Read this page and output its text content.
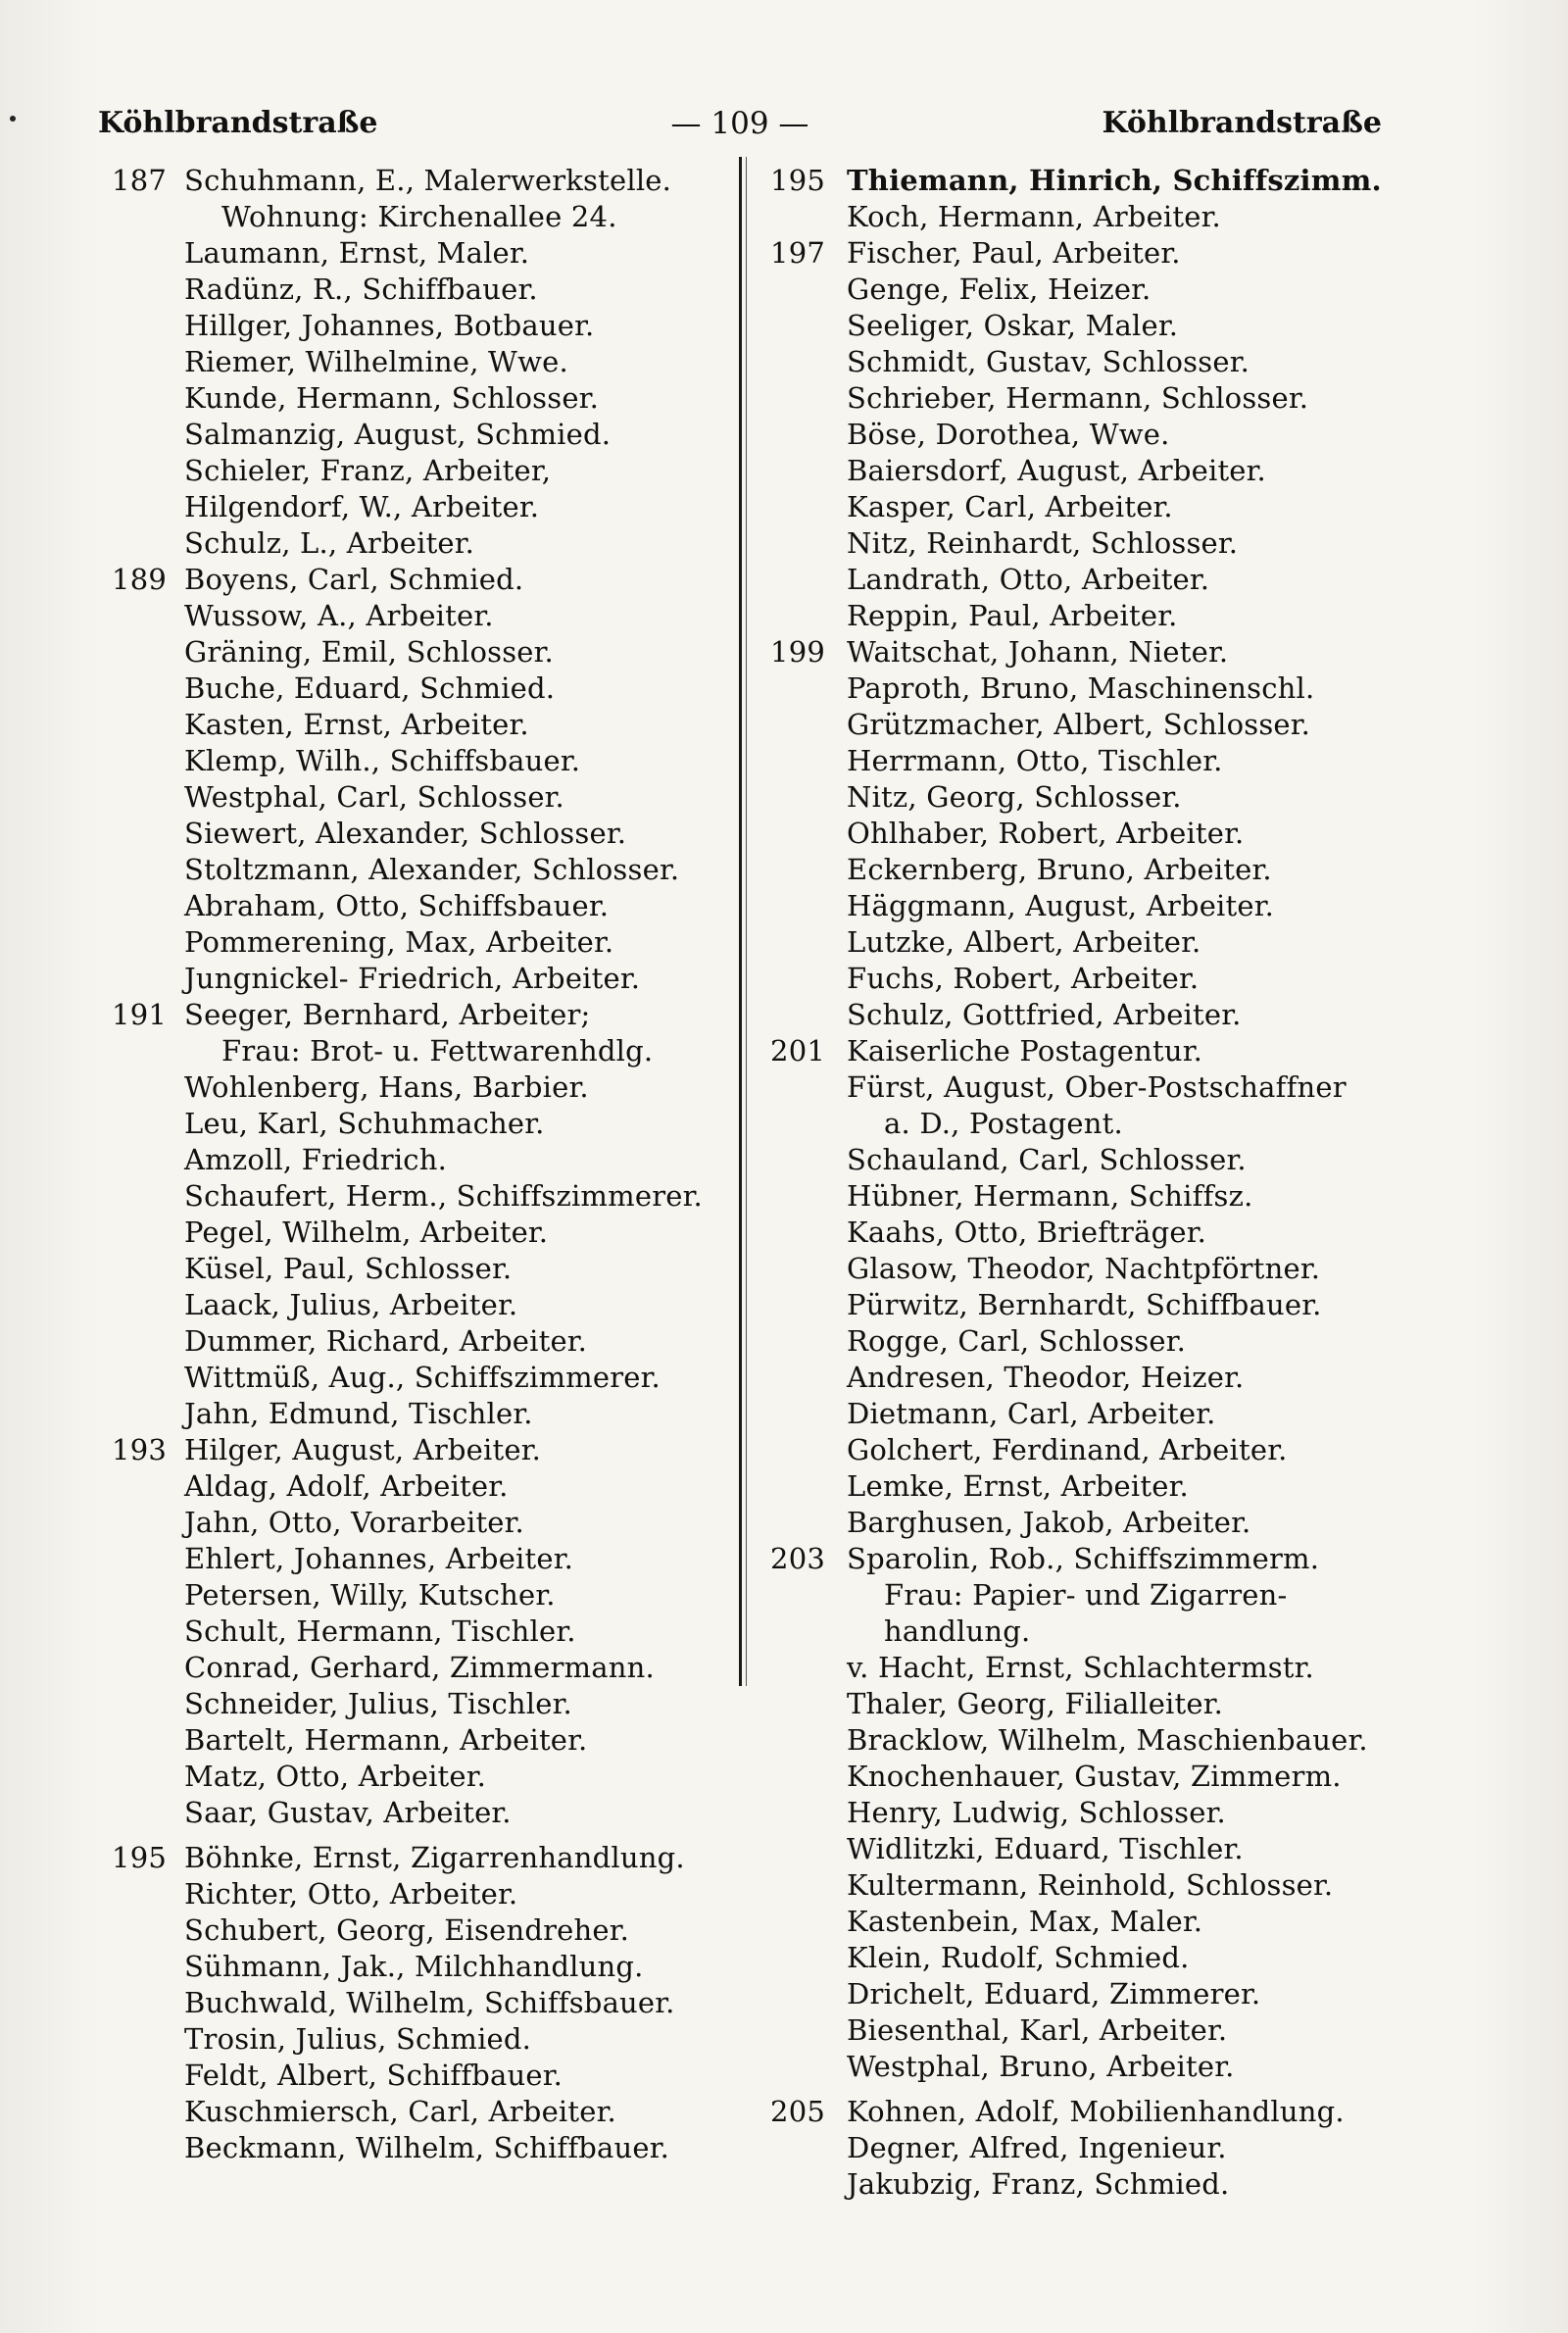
— 109 —
Köhlbrandstraße	Köhlbrandstraße
187 Schuhmann, E., Malerwerkstelle.
Wohnung: Kirchenallee 24.
Laumann, Ernst, Maler.
Radünz, R., Schiffbauer.
Hillger, Johannes, Botbauer.
Riemer, Wilhelmine, Wwe.
Kunde, Hermann, Schlosser.
Salmanzig, August, Schmied.
Schieler, Franz, Arbeiter,
Hilgendorf, W., Arbeiter.
Schulz, L., Arbeiter.
189 Boyens, Carl, Schmied.
Wussow, A., Arbeiter.
Gräning, Emil, Schlosser.
Buche, Eduard, Schmied.
Kasten, Ernst, Arbeiter.
Klemp, Wilh., Schiffsbauer.
Westphal, Carl, Schlosser.
Siewert, Alexander, Schlosser.
Stoltzmann, Alexander, Schlosser.
Abraham, Otto, Schiffsbauer.
Pommerening, Max, Arbeiter.
Jungnickel- Friedrich, Arbeiter.
191 Seeger, Bernhard, Arbeiter;
Frau: Brot- u. Fettwarenhdlg.
Wohlenberg, Hans, Barbier.
Leu, Karl, Schuhmacher.
Amzoll, Friedrich.
Schaufert, Herm., Schiffszimmerer.
Pegel, Wilhelm, Arbeiter.
Küsel, Paul, Schlosser.
Laack, Julius, Arbeiter.
Dummer, Richard, Arbeiter.
Wittmüß, Aug., Schiffszimmerer.
Jahn, Edmund, Tischler.
193 Hilger, August, Arbeiter.
Aldag, Adolf, Arbeiter.
Jahn, Otto, Vorarbeiter.
Ehlert, Johannes, Arbeiter.
Petersen, Willy, Kutscher.
Schult, Hermann, Tischler.
Conrad, Gerhard, Zimmermann.
Schneider, Julius, Tischler.
Bartelt, Hermann, Arbeiter.
Matz, Otto, Arbeiter.
Saar, Gustav, Arbeiter.
195 Böhnke, Ernst, Zigarrenhandlung.
Richter, Otto, Arbeiter.
Schubert, Georg, Eisendreher.
Sühmann, Jak., Milchhandlung.
Buchwald, Wilhelm, Schiffsbauer.
Trosin, Julius, Schmied.
Feldt, Albert, Schiffbauer.
Kuschmiersch, Carl, Arbeiter.
Beckmann, Wilhelm, Schiffbauer.
195 Thiemann, Hinrich, Schiffszimm.
Koch, Hermann, Arbeiter.
197 Fischer, Paul, Arbeiter.
Genge, Felix, Heizer.
Seeliger, Oskar, Maler.
Schmidt, Gustav, Schlosser.
Schrieber, Hermann, Schlosser.
Böse, Dorothea, Wwe.
Baiersdorf, August, Arbeiter.
Kasper, Carl, Arbeiter.
Nitz, Reinhardt, Schlosser.
Landrath, Otto, Arbeiter.
Reppin, Paul, Arbeiter.
199 Waitschat, Johann, Nieter.
Paproth, Bruno, Maschinenschl.
Grützmacher, Albert, Schlosser.
Herrmann, Otto, Tischler.
Nitz, Georg, Schlosser.
Ohlhaber, Robert, Arbeiter.
Eckernberg, Bruno, Arbeiter.
Häggmann, August, Arbeiter.
Lutzke, Albert, Arbeiter.
Fuchs, Robert, Arbeiter.
Schulz, Gottfried, Arbeiter.
201 Kaiserliche Postagentur.
Fürst, August, Ober-Postschaffner
a. D., Postagent.
Schauland, Carl, Schlosser.
Hübner, Hermann, Schiffsz.
Kaahs, Otto, Briefträger.
Glasow, Theodor, Nachtpförtner.
Pürwitz, Bernhardt, Schiffbauer.
Rogge, Carl, Schlosser.
Andresen, Theodor, Heizer.
Dietmann, Carl, Arbeiter.
Golchert, Ferdinand, Arbeiter.
Lemke, Ernst, Arbeiter.
Barghusen, Jakob, Arbeiter.
203 Sparolin, Rob., Schiffszimmerm.
Frau: Papier- und Zigarren-
handlung.
v. Hacht, Ernst, Schlachtermstr.
Thaler, Georg, Filialleiter.
Bracklow, Wilhelm, Maschienbauer.
Knochenhauer, Gustav, Zimmerm.
Henry, Ludwig, Schlosser.
Widlitzki, Eduard, Tischler.
Kultermann, Reinhold, Schlosser.
Kastenbein, Max, Maler.
Klein, Rudolf, Schmied.
Drichelt, Eduard, Zimmerer.
Biesenthal, Karl, Arbeiter.
Westphal, Bruno, Arbeiter.
205 Kohnen, Adolf, Mobilienhandlung.
Degner, Alfred, Ingenieur.
Jakubzig, Franz, Schmied.
